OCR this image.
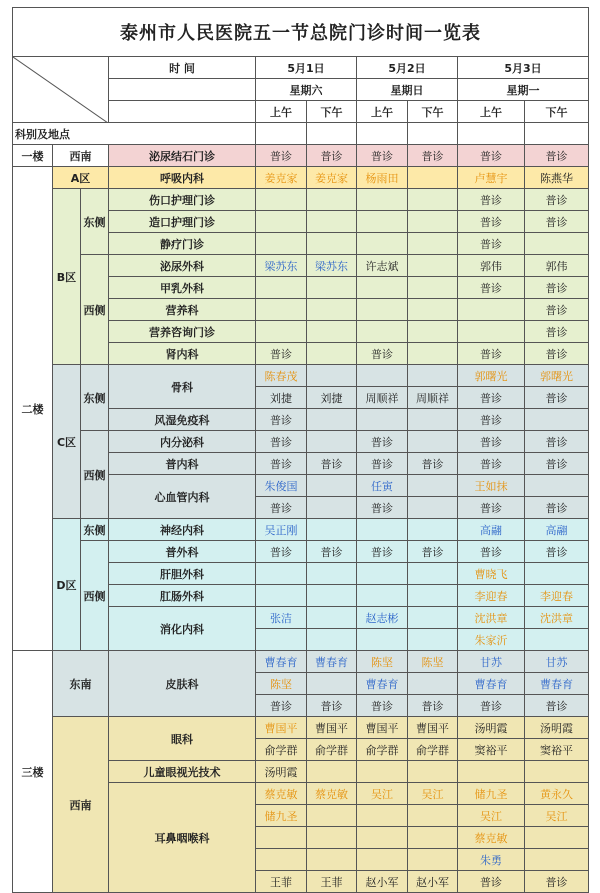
泰州市人民医院五一节总院门诊时间一览表									

	时 间	5月1日		5月2日		5月3日	
				星期六		星期日		星期一	
				上午	下午	上午	下午	上午	下午
科别及地点									
一楼	西南		泌尿结石门诊	普诊	普诊	普诊	普诊	普诊	普诊
二楼	A区		呼吸内科	姜克家	姜克家	杨雨田		卢慧宇	陈燕华
	B区	东侧	伤口护理门诊					普诊	普诊
			造口护理门诊					普诊	普诊
			静疗门诊					普诊	
		西侧	泌尿外科	梁苏东	梁苏东	许志斌		郭伟	郭伟
			甲乳外科					普诊	普诊
			营养科						普诊
			营养咨询门诊						普诊
			肾内科	普诊		普诊		普诊	普诊
	C区	东侧	骨科	陈春茂				郭曙光	郭曙光
				刘捷	刘捷	周顺祥	周顺祥	普诊	普诊
			风湿免疫科	普诊				普诊	
		西侧	内分泌科	普诊		普诊		普诊	普诊
			普内科	普诊	普诊	普诊	普诊	普诊	普诊
			心血管内科	朱俊国		任寅		王如抹	
				普诊		普诊		普诊	普诊
	D区	东侧	神经内科	吴正刚				高翮	高翮
		西侧	普外科	普诊	普诊	普诊	普诊	普诊	普诊
			肝胆外科					曹晓飞	
			肛肠外科					李迎春	李迎春
			消化内科	张洁		赵志彬		沈洪章	沈洪章
								朱家沂	
三楼	东南		皮肤科	曹春育	曹春育	陈坚	陈坚	甘苏	甘苏
				陈坚		曹春育		曹春育	曹春育
				普诊	普诊	普诊	普诊	普诊	普诊
	西南		眼科	曹国平	曹国平	曹国平	曹国平	汤明霞	汤明霞
				俞学群	俞学群	俞学群	俞学群	窦裕平	窦裕平
			儿童眼视光技术	汤明霞					
			耳鼻咽喉科	蔡克敏	蔡克敏	吴江	吴江	储九圣	黄永久
				储九圣				吴江	吴江
								蔡克敏	
								朱勇	
				王菲	王菲	赵小军	赵小军	普诊	普诊
